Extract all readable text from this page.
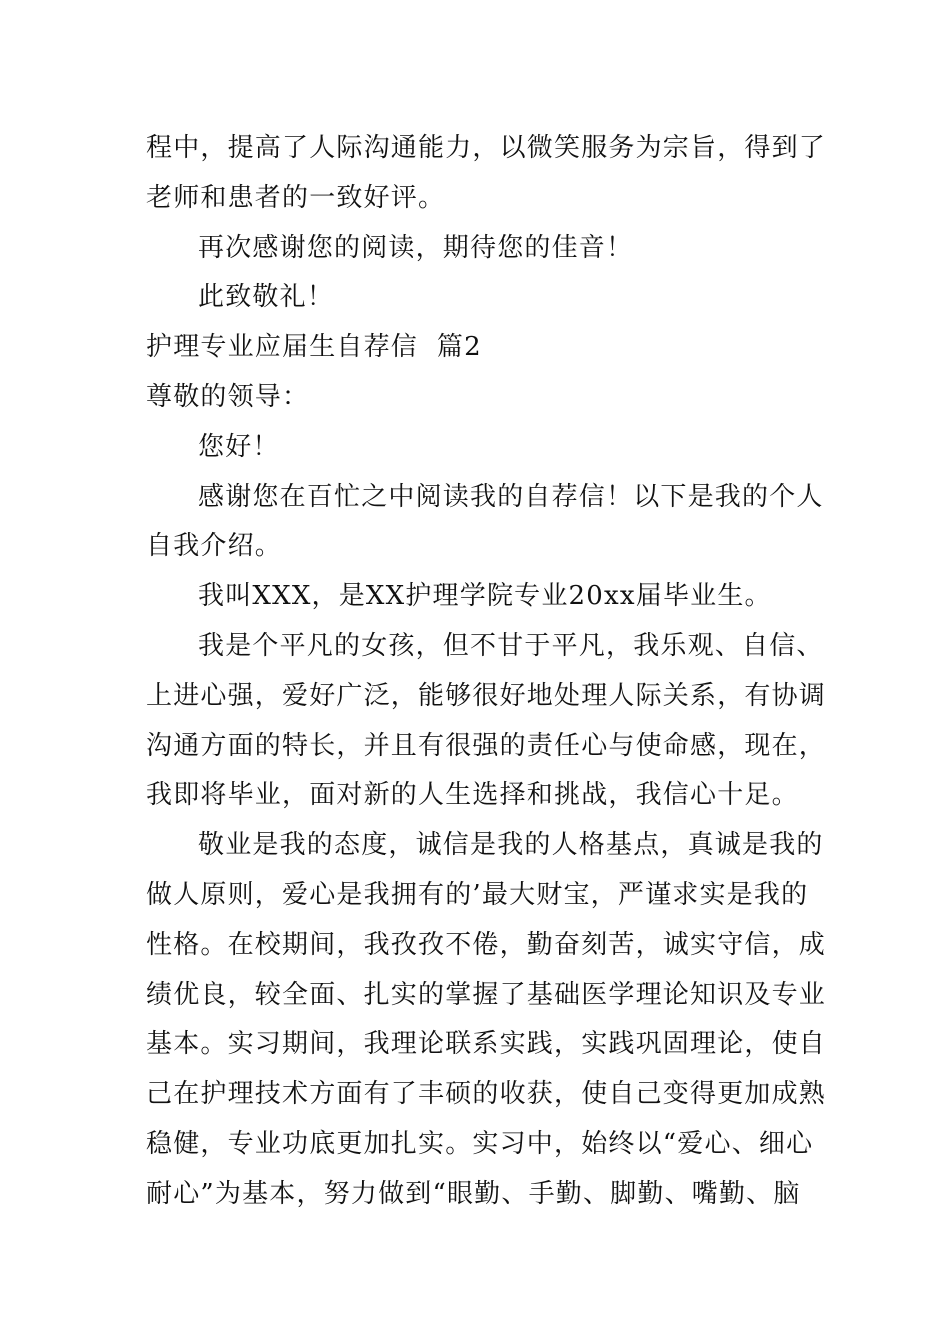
程中，提高了人际沟通能力，以微笑服务为宗旨，得到了
老师和患者的一致好评。
再次感谢您的阅读，期待您的佳音！
此致敬礼！
护理专业应届生自荐信  篇2
尊敬的领导：
您好！
感谢您在百忙之中阅读我的自荐信！以下是我的个人
自我介绍。
我叫XXX，是XX护理学院专业20xx届毕业生。
我是个平凡的女孩，但不甘于平凡，我乐观、自信、
上进心强，爱好广泛，能够很好地处理人际关系，有协调
沟通方面的特长，并且有很强的责任心与使命感，现在，
我即将毕业，面对新的人生选择和挑战，我信心十足。
敬业是我的态度，诚信是我的人格基点，真诚是我的
做人原则，爱心是我拥有的’最大财宝，严谨求实是我的
性格。在校期间，我孜孜不倦，勤奋刻苦，诚实守信，成
绩优良，较全面、扎实的掌握了基础医学理论知识及专业
基本。实习期间，我理论联系实践，实践巩固理论，使自
己在护理技术方面有了丰硕的收获，使自己变得更加成熟
稳健，专业功底更加扎实。实习中，始终以“爱心、细心
耐心”为基本，努力做到“眼勤、手勤、脚勤、嘴勤、脑
